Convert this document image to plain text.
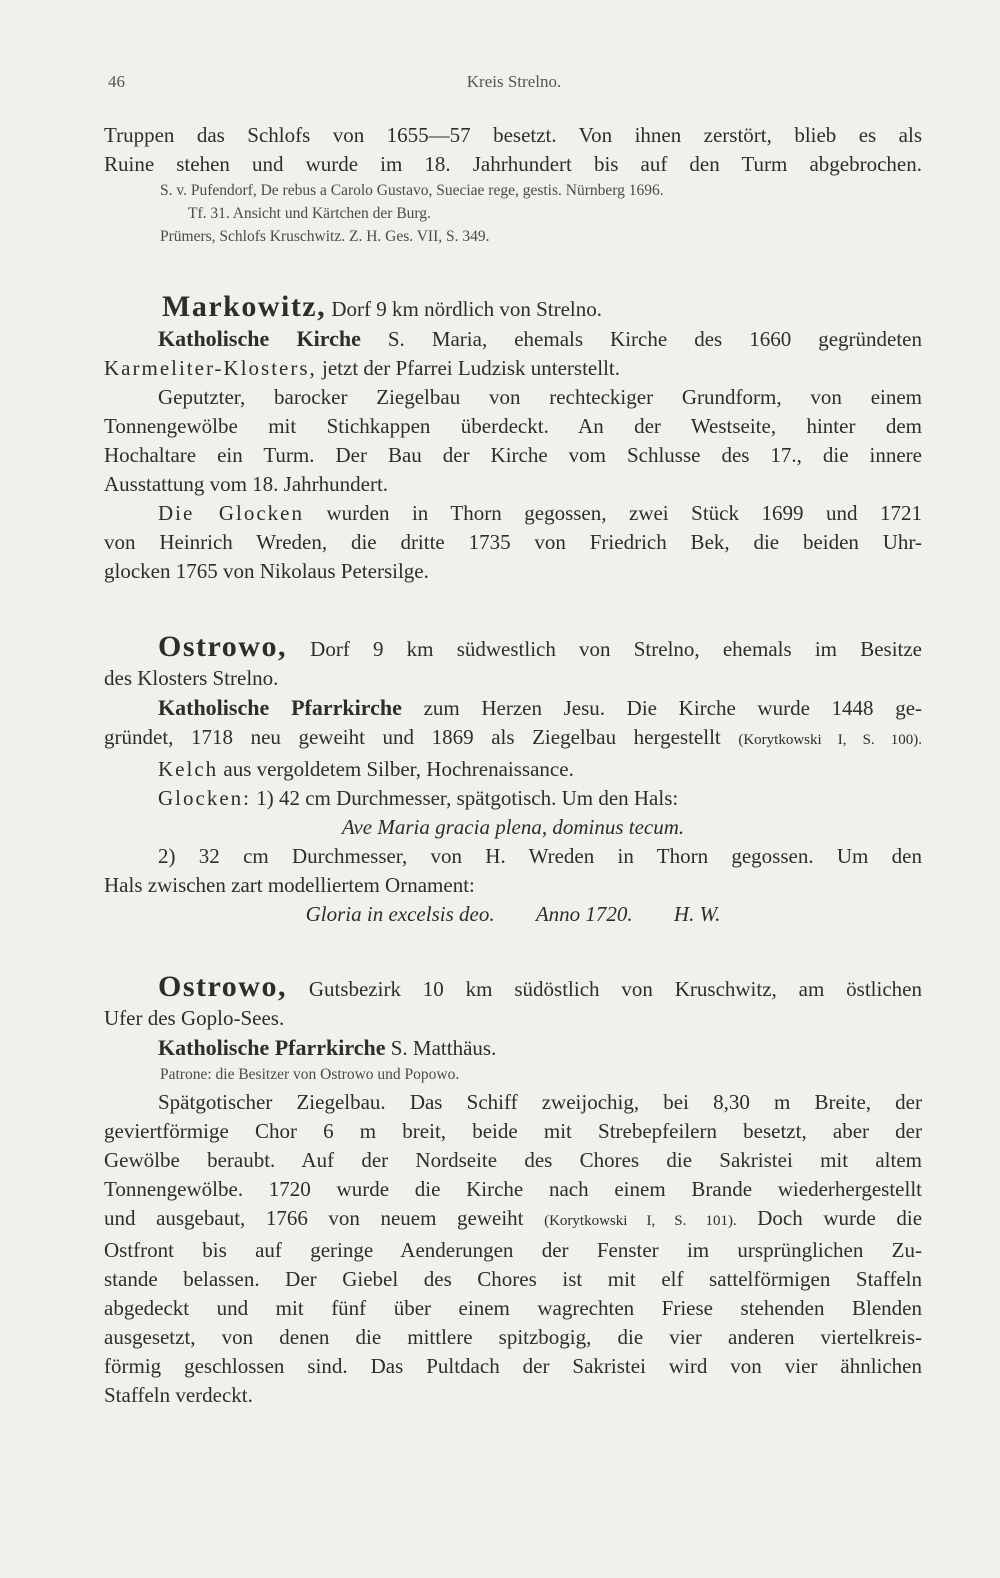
46	Kreis Strelno.
Truppen das Schlofs von 1655—57 besetzt. Von ihnen zerstört, blieb es als
Ruine stehen und wurde im 18. Jahrhundert bis auf den Turm abgebrochen.
S. v. Pufendorf, De rebus a Carolo Gustavo, Sueciae rege, gestis. Nürnberg 1696.
Tf. 31. Ansicht und Kärtchen der Burg.
Prümers, Schlofs Kruschwitz. Z. H. Ges. VII, S. 349.
Markowitz, Dorf 9 km nördlich von Strelno.
Katholische Kirche S. Maria, ehemals Kirche des 1660 gegründeten
Karmeliter-Klosters, jetzt der Pfarrei Ludzisk unterstellt.
Geputzter, barocker Ziegelbau von rechteckiger Grundform, von einem
Tonnengewölbe mit Stichkappen überdeckt. An der Westseite, hinter dem
Hochaltare ein Turm. Der Bau der Kirche vom Schlusse des 17., die innere
Ausstattung vom 18. Jahrhundert.
Die Glocken wurden in Thorn gegossen, zwei Stück 1699 und 1721
von Heinrich Wreden, die dritte 1735 von Friedrich Bek, die beiden Uhr-
glocken 1765 von Nikolaus Petersilge.
Ostrowo, Dorf 9 km südwestlich von Strelno, ehemals im Besitze
des Klosters Strelno.
Katholische Pfarrkirche zum Herzen Jesu. Die Kirche wurde 1448 ge-
gründet, 1718 neu geweiht und 1869 als Ziegelbau hergestellt (Korytkowski I, S. 100).
Kelch aus vergoldetem Silber, Hochrenaissance.
Glocken: 1) 42 cm Durchmesser, spätgotisch. Um den Hals:
Ave Maria gracia plena, dominus tecum.
2) 32 cm Durchmesser, von H. Wreden in Thorn gegossen. Um den
Hals zwischen zart modelliertem Ornament:
Gloria in excelsis deo. Anno 1720. H. W.
Ostrowo, Gutsbezirk 10 km südöstlich von Kruschwitz, am östlichen
Ufer des Goplo-Sees.
Katholische Pfarrkirche S. Matthäus.
Patrone: die Besitzer von Ostrowo und Popowo.
Spätgotischer Ziegelbau. Das Schiff zweijochig, bei 8,30 m Breite, der
geviertförmige Chor 6 m breit, beide mit Strebepfeilern besetzt, aber der
Gewölbe beraubt. Auf der Nordseite des Chores die Sakristei mit altem
Tonnengewölbe. 1720 wurde die Kirche nach einem Brande wiederhergestellt
und ausgebaut, 1766 von neuem geweiht (Korytkowski I, S. 101). Doch wurde die
Ostfront bis auf geringe Aenderungen der Fenster im ursprünglichen Zu-
stande belassen. Der Giebel des Chores ist mit elf sattelförmigen Staffeln
abgedeckt und mit fünf über einem wagrechten Friese stehenden Blenden
ausgesetzt, von denen die mittlere spitzbogig, die vier anderen viertelkreis-
förmig geschlossen sind. Das Pultdach der Sakristei wird von vier ähnlichen
Staffeln verdeckt.
